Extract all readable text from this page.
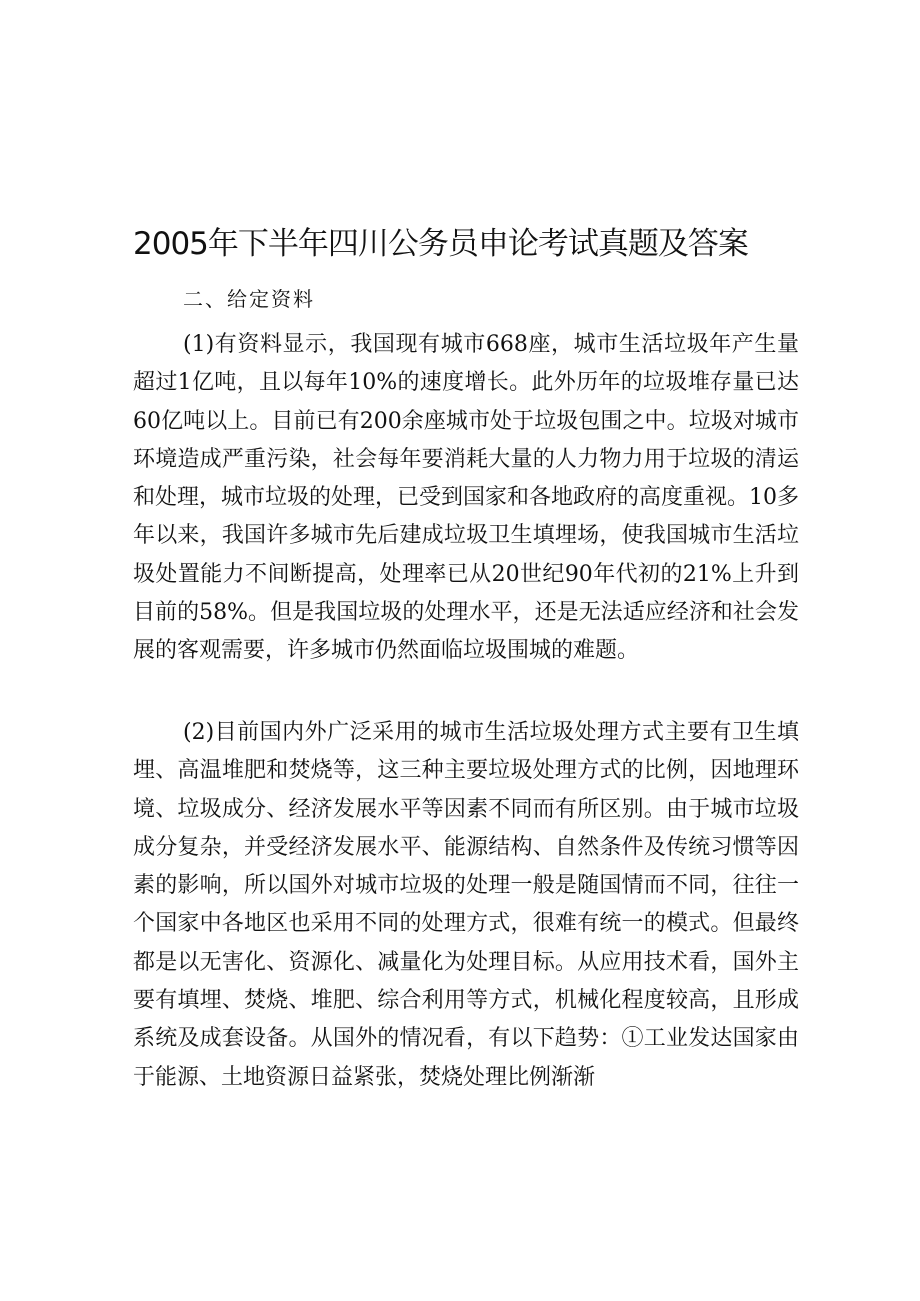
2005年下半年四川公务员申论考试真题及答案
二、给定资料

(1)有资料显示，我国现有城市668座，城市生活垃圾年产生量超过1亿吨，且以每年10%的速度增长。此外历年的垃圾堆存量已达60亿吨以上。目前已有200余座城市处于垃圾包围之中。垃圾对城市环境造成严重污染，社会每年要消耗大量的人力物力用于垃圾的清运和处理，城市垃圾的处理，已受到国家和各地政府的高度重视。10多年以来，我国许多城市先后建成垃圾卫生填埋场，使我国城市生活垃圾处置能力不间断提高，处理率已从20世纪90年代初的21%上升到目前的58%。但是我国垃圾的处理水平，还是无法适应经济和社会发展的客观需要，许多城市仍然面临垃圾围城的难题。

(2)目前国内外广泛采用的城市生活垃圾处理方式主要有卫生填埋、高温堆肥和焚烧等，这三种主要垃圾处理方式的比例，因地理环境、垃圾成分、经济发展水平等因素不同而有所区别。由于城市垃圾成分复杂，并受经济发展水平、能源结构、自然条件及传统习惯等因素的影响，所以国外对城市垃圾的处理一般是随国情而不同，往往一个国家中各地区也采用不同的处理方式，很难有统一的模式。但最终都是以无害化、资源化、减量化为处理目标。从应用技术看，国外主要有填埋、焚烧、堆肥、综合利用等方式，机械化程度较高，且形成系统及成套设备。从国外的情况看，有以下趋势：①工业发达国家由于能源、土地资源日益紧张，焚烧处理比例渐渐
